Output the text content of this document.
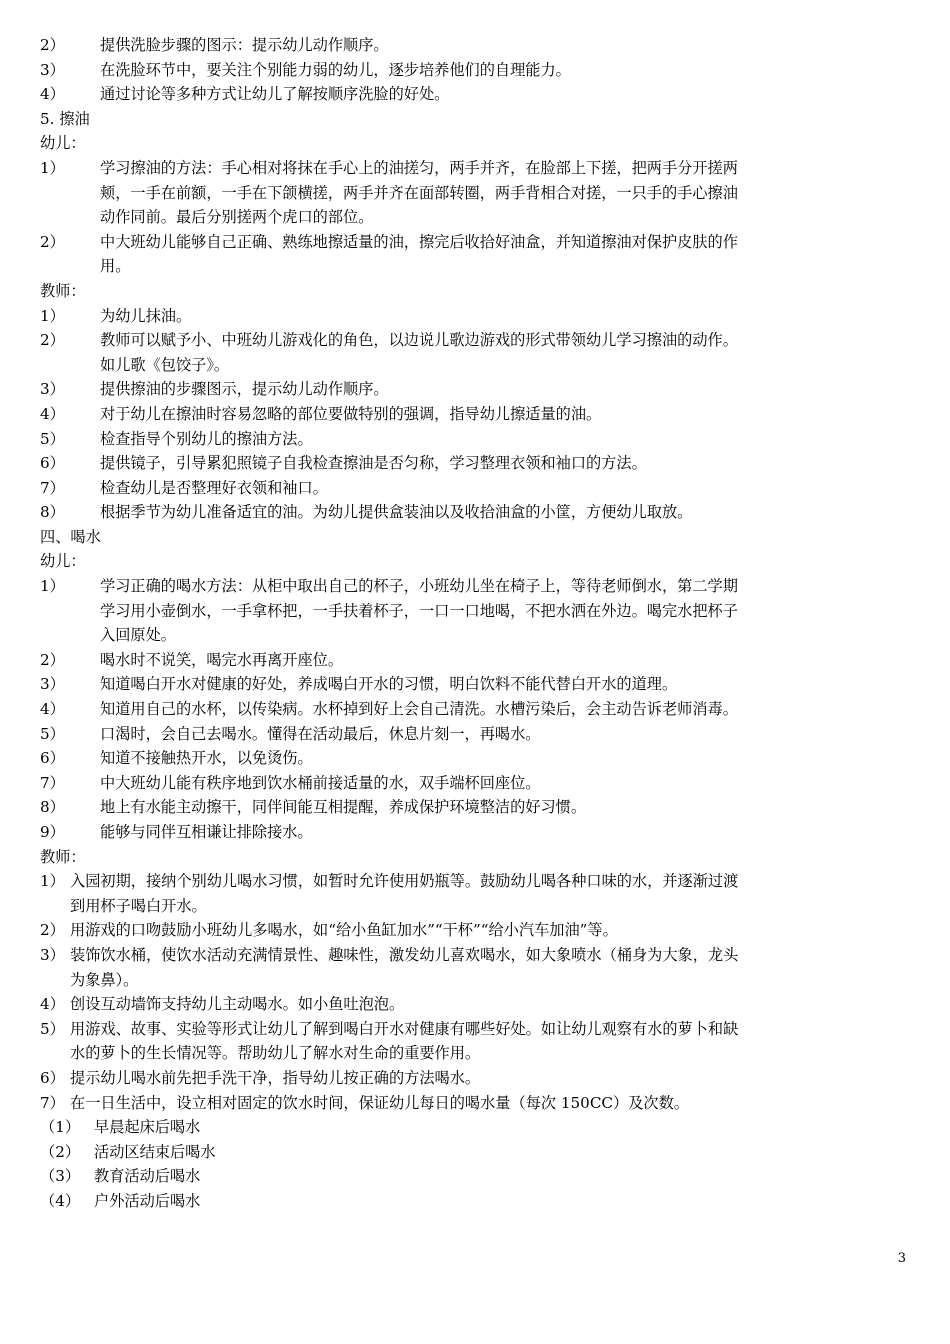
2）	提供洗脸步骤的图示：提示幼儿动作顺序。
3）	在洗脸环节中，要关注个别能力弱的幼儿，逐步培养他们的自理能力。
4）	通过讨论等多种方式让幼儿了解按顺序洗脸的好处。
5. 擦油
幼儿：
1）	学习擦油的方法：手心相对将抹在手心上的油搓匀，两手并齐，在脸部上下搓，把两手分开搓两
颊，一手在前额，一手在下颌横搓，两手并齐在面部转圈，两手背相合对搓，一只手的手心擦油
动作同前。最后分别搓两个虎口的部位。
2）	中大班幼儿能够自己正确、熟练地擦适量的油，擦完后收拾好油盒，并知道擦油对保护皮肤的作
用。
教师：
1）	为幼儿抹油。
2）	教师可以赋予小、中班幼儿游戏化的角色，以边说儿歌边游戏的形式带领幼儿学习擦油的动作。
如儿歌《包饺子》。
3）	提供擦油的步骤图示，提示幼儿动作顺序。
4）	对于幼儿在擦油时容易忽略的部位要做特别的强调，指导幼儿擦适量的油。
5）	检查指导个别幼儿的擦油方法。
6）	提供镜子，引导累犯照镜子自我检查擦油是否匀称，学习整理衣领和袖口的方法。
7）	检查幼儿是否整理好衣领和袖口。
8）	根据季节为幼儿准备适宜的油。为幼儿提供盒装油以及收拾油盒的小筐，方便幼儿取放。
四、喝水
幼儿：
1）	学习正确的喝水方法：从柜中取出自己的杯子，小班幼儿坐在椅子上，等待老师倒水，第二学期
学习用小壶倒水，一手拿杯把，一手扶着杯子，一口一口地喝，不把水洒在外边。喝完水把杯子
入回原处。
2）	喝水时不说笑，喝完水再离开座位。
3）	知道喝白开水对健康的好处，养成喝白开水的习惯，明白饮料不能代替白开水的道理。
4）	知道用自己的水杯，以传染病。水杯掉到好上会自己清洗。水槽污染后，会主动告诉老师消毒。
5）	口渴时，会自己去喝水。懂得在活动最后，休息片刻一，再喝水。
6）	知道不接触热开水，以免烫伤。
7）	中大班幼儿能有秩序地到饮水桶前接适量的水，双手端杯回座位。
8）	地上有水能主动擦干，同伴间能互相提醒，养成保护环境整洁的好习惯。
9）	能够与同伴互相谦让排除接水。
教师：
1） 入园初期，接纳个别幼儿喝水习惯，如暂时允许使用奶瓶等。鼓励幼儿喝各种口味的水，并逐渐过渡
到用杯子喝白开水。
2） 用游戏的口吻鼓励小班幼儿多喝水，如“给小鱼缸加水”“干杯”“给小汽车加油”等。
3） 装饰饮水桶，使饮水活动充满情景性、趣味性，激发幼儿喜欢喝水，如大象喷水（桶身为大象，龙头
为象鼻）。
4） 创设互动墙饰支持幼儿主动喝水。如小鱼吐泡泡。
5） 用游戏、故事、实验等形式让幼儿了解到喝白开水对健康有哪些好处。如让幼儿观察有水的萝卜和缺
水的萝卜的生长情况等。帮助幼儿了解水对生命的重要作用。
6） 提示幼儿喝水前先把手洗干净，指导幼儿按正确的方法喝水。
7） 在一日生活中，设立相对固定的饮水时间，保证幼儿每日的喝水量（每次 150CC）及次数。
（1） 早晨起床后喝水
（2） 活动区结束后喝水
（3） 教育活动后喝水
（4） 户外活动后喝水
3
